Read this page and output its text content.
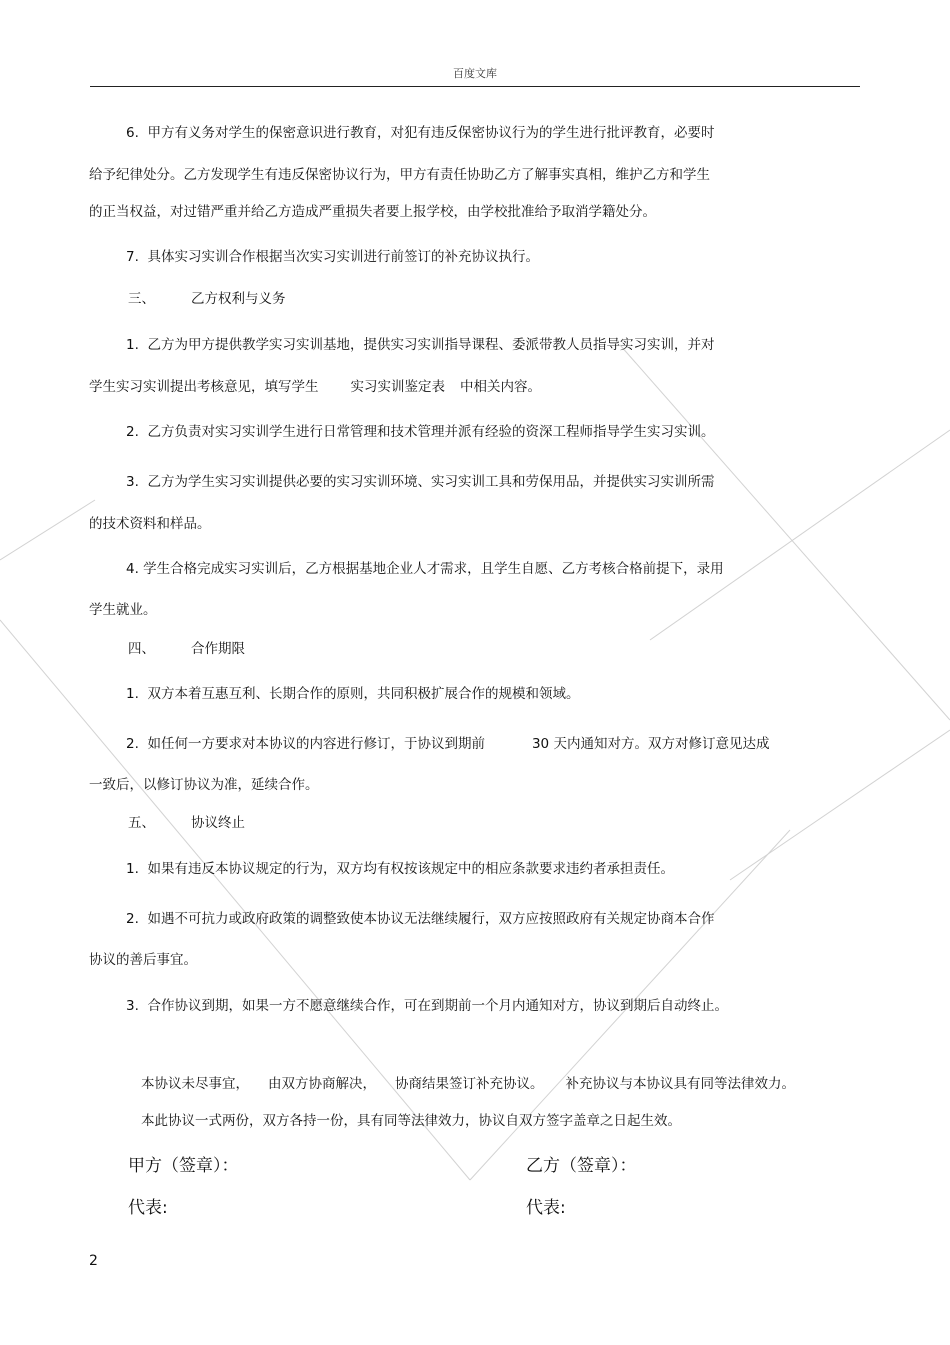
百度文库
6.  甲方有义务对学生的保密意识进行教育，对犯有违反保密协议行为的学生进行批评教育，必要时
给予纪律处分。乙方发现学生有违反保密协议行为，甲方有责任协助乙方了解事实真相，维护乙方和学生
的正当权益，对过错严重并给乙方造成严重损失者要上报学校，由学校批准给予取消学籍处分。
7.  具体实习实训合作根据当次实习实训进行前签订的补充协议执行。
三、	乙方权利与义务
1.  乙方为甲方提供教学实习实训基地，提供实习实训指导课程、委派带教人员指导实习实训，并对
学生实习实训提出考核意见，填写学生 实习实训鉴定表 中相关内容。
2.  乙方负责对实习实训学生进行日常管理和技术管理并派有经验的资深工程师指导学生实习实训。
3.  乙方为学生实习实训提供必要的实习实训环境、实习实训工具和劳保用品，并提供实习实训所需
的技术资料和样品。
4. 学生合格完成实习实训后，乙方根据基地企业人才需求，且学生自愿、乙方考核合格前提下，录用
学生就业。
四、	合作期限
1.  双方本着互惠互利、长期合作的原则，共同积极扩展合作的规模和领域。
2.  如任何一方要求对本协议的内容进行修订，于协议到期前	30 天内通知对方。双方对修订意见达成
一致后，以修订协议为准，延续合作。
五、	协议终止
1.  如果有违反本协议规定的行为，双方均有权按该规定中的相应条款要求违约者承担责任。
2.  如遇不可抗力或政府政策的调整致使本协议无法继续履行，双方应按照政府有关规定协商本合作
协议的善后事宜。
3.  合作协议到期，如果一方不愿意继续合作，可在到期前一个月内通知对方，协议到期后自动终止。
本协议未尽事宜， 由双方协商解决， 协商结果签订补充协议。 补充协议与本协议具有同等法律效力。
本此协议一式两份，双方各持一份，具有同等法律效力，协议自双方签字盖章之日起生效。
甲方（签章）：	乙方（签章）：
代表:	代表:
2
